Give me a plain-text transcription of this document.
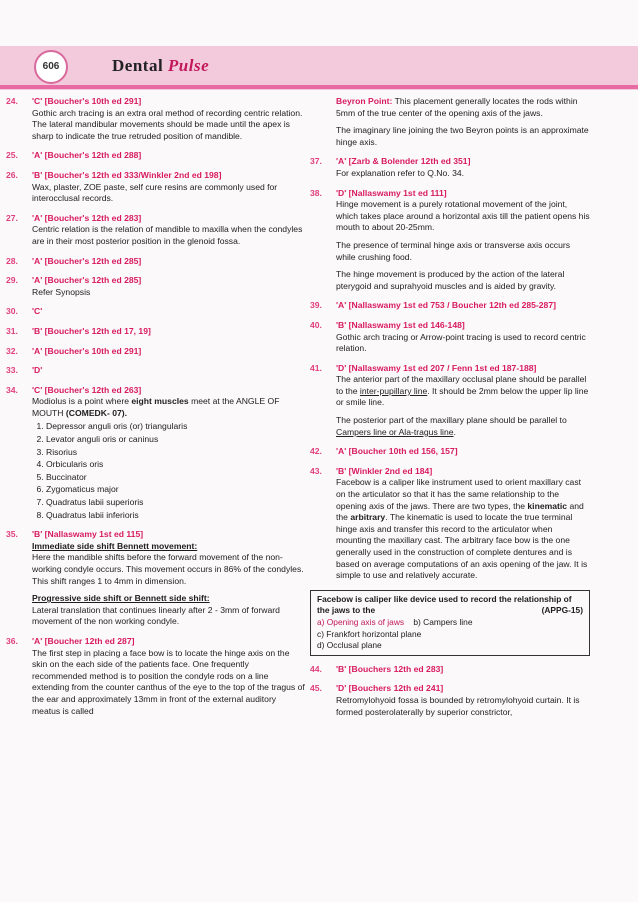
606	Dental Pulse
24.	'C' [Boucher's 10th ed 291]
Gothic arch tracing is an extra oral method of recording centric relation. The lateral mandibular movements should be made until the apex is sharp to indicate the true retruded position of mandible.
25.	'A' [Boucher's 12th ed 288]
26.	'B' [Boucher's 12th ed 333/Winkler 2nd ed 198]
Wax, plaster, ZOE paste, self cure resins are commonly used for interocclusal records.
27.	'A' [Boucher's 12th ed 283]
Centric relation is the relation of mandible to maxilla when the condyles are in their most posterior position in the glenoid fossa.
28.	'A' [Boucher's 12th ed 285]
29.	'A' [Boucher's 12th ed 285]
Refer Synopsis
30.	'C'
31.	'B' [Boucher's 12th ed 17, 19]
32.	'A' [Boucher's 10th ed 291]
33.	'D'
34.	'C' [Boucher's 12th ed 263]
Modiolus is a point where eight muscles meet at the ANGLE OF MOUTH (COMEDK- 07).
1. Depressor anguli oris (or) triangularis
2. Levator anguli oris or caninus
3. Risorius
4. Orbicularis oris
5. Buccinator
6. Zygomaticus major
7. Quadratus labii superioris
8. Quadratus labii inferioris
35.	'B' [Nallaswamy 1st ed 115]
Immediate side shift Bennett movement:
Here the mandible shifts before the forward movement of the non-working condyle occurs. This movement occurs in 86% of the condyles. This shift ranges 1 to 4mm in dimension.
Progressive side shift or Bennett side shift:
Lateral translation that continues linearly after 2 - 3mm of forward movement of the non working condyle.
36.	'A' [Boucher 12th ed 287]
The first step in placing a face bow is to locate the hinge axis on the skin on the each side of the patients face. One frequently recommended method is to position the condyle rods on a line extending from the counter canthus of the eye to the top of the tragus of the ear and approximately 13mm in front of the external auditory meatus is called
Beyron Point: This placement generally locates the rods within 5mm of the true center of the opening axis of the jaws.
The imaginary line joining the two Beyron points is an approximate hinge axis.
37.	'A' [Zarb & Bolender 12th ed 351]
For explanation refer to Q.No. 34.
38.	'D' [Nallaswamy 1st ed 111]
Hinge movement is a purely rotational movement of the joint, which takes place around a horizontal axis till the patient opens his mouth to about 20-25mm.
The presence of terminal hinge axis or transverse axis occurs while crushing food.
The hinge movement is produced by the action of the lateral pterygoid and suprahyoid muscles and is aided by gravity.
39.	'A' [Nallaswamy 1st ed 753 / Boucher 12th ed 285-287]
40.	'B' [Nallaswamy 1st ed 146-148]
Gothic arch tracing or Arrow-point tracing is used to record centric relation.
41.	'D' [Nallaswamy 1st ed 207 / Fenn 1st ed 187-188]
The anterior part of the maxillary occlusal plane should be parallel to the inter-pupillary line. It should be 2mm below the upper lip line or smile line.
The posterior part of the maxillary plane should be parallel to Campers line or Ala-tragus line.
42.	'A' [Boucher 10th ed 156, 157]
43.	'B' [Winkler 2nd ed 184]
Facebow is a caliper like instrument used to orient maxillary cast on the articulator so that it has the same relationship to the opening axis of the jaws. There are two types, the kinematic and the arbitrary. The kinematic is used to locate the true terminal hinge axis and transfer this record to the articulator when mounting the maxillary cast. The arbitrary face bow is the one generally used in the construction of complete dentures and is based on average computations of an axis opening of the jaw. It is simple to use and relatively accurate.
Facebow is caliper like device used to record the relationship of the jaws to the	(APPG-15)
a) Opening axis of jaws b) Campers line
c) Frankfort horizontal plane
d) Occlusal plane
44.	'B' [Bouchers 12th ed 283]
45.	'D' [Bouchers 12th ed 241]
Retromylohyoid fossa is bounded by retromylohyoid curtain. It is formed posterolaterally by superior constrictor,
